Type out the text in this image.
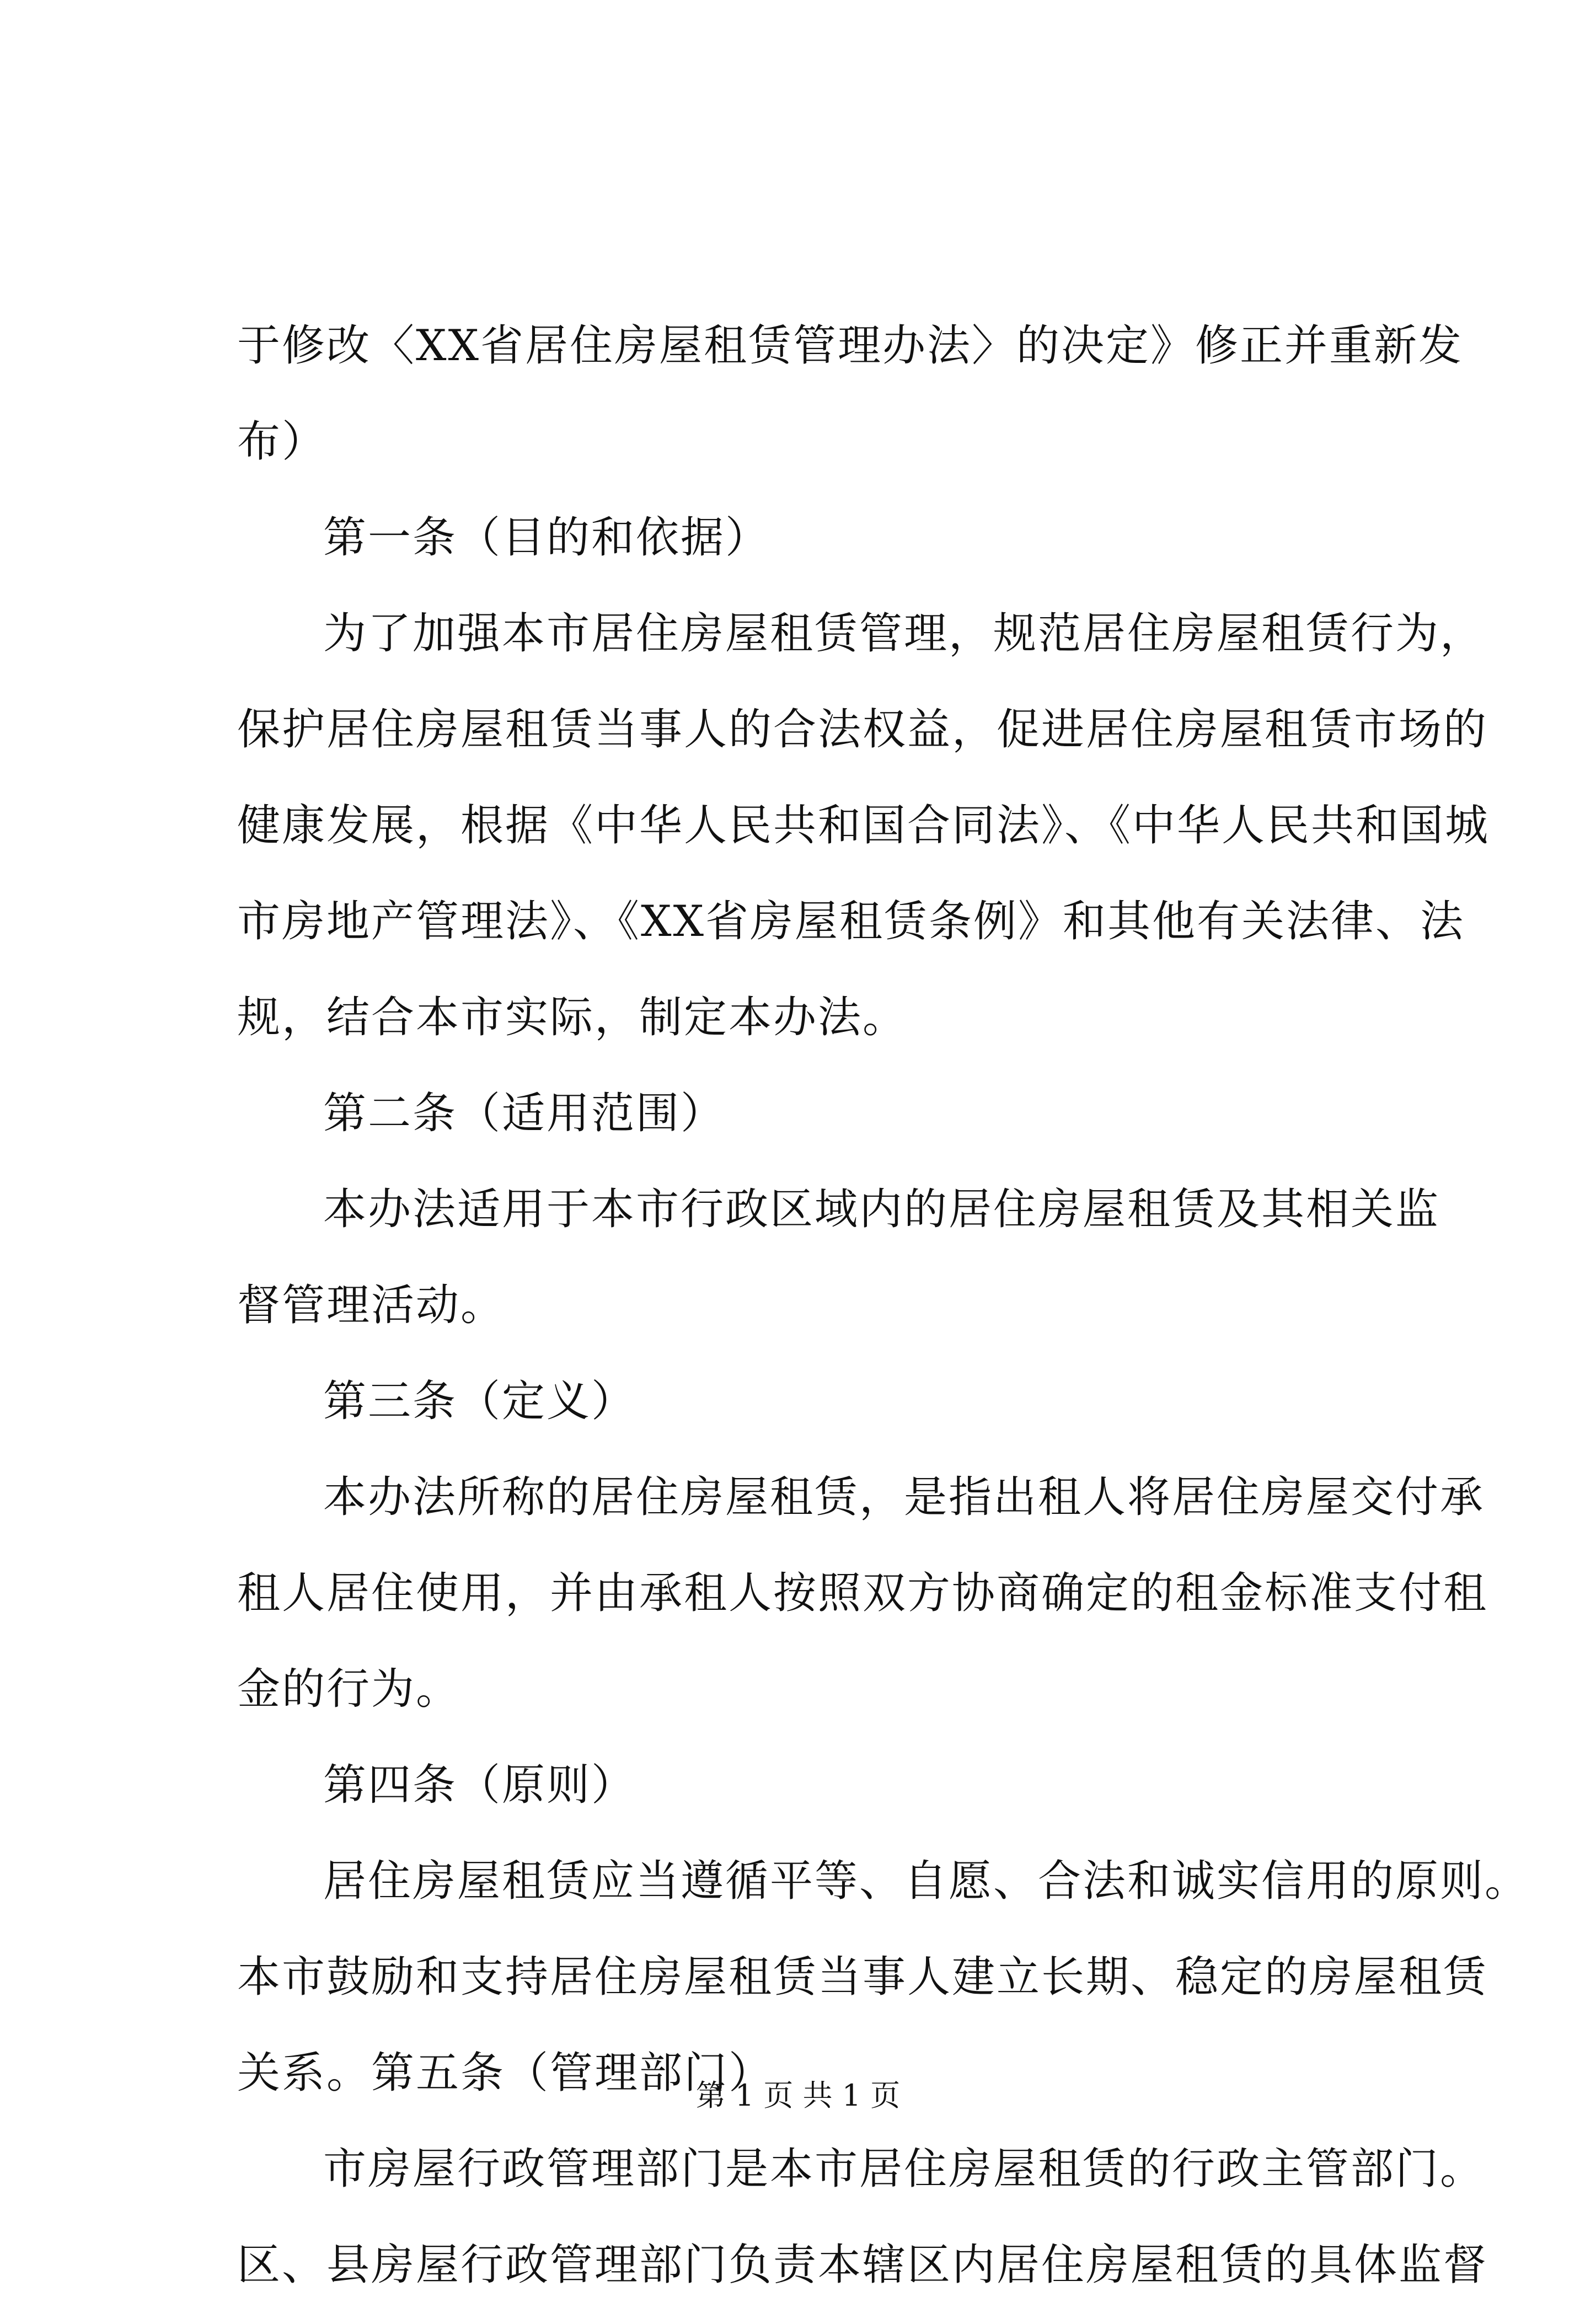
于修改〈XX省居住房屋租赁管理办法〉的决定》修正并重新发
布）
第一条（目的和依据）
为了加强本市居住房屋租赁管理，规范居住房屋租赁行为，
保护居住房屋租赁当事人的合法权益，促进居住房屋租赁市场的
健康发展，根据《中华人民共和国合同法》、《中华人民共和国城
市房地产管理法》、《XX省房屋租赁条例》和其他有关法律、法
规，结合本市实际，制定本办法。
第二条（适用范围）
本办法适用于本市行政区域内的居住房屋租赁及其相关监
督管理活动。
第三条（定义）
本办法所称的居住房屋租赁，是指出租人将居住房屋交付承
租人居住使用，并由承租人按照双方协商确定的租金标准支付租
金的行为。
第四条（原则）
居住房屋租赁应当遵循平等、自愿、合法和诚实信用的原则。
本市鼓励和支持居住房屋租赁当事人建立长期、稳定的房屋租赁
关系。第五条（管理部门）
市房屋行政管理部门是本市居住房屋租赁的行政主管部门。
区、县房屋行政管理部门负责本辖区内居住房屋租赁的具体监督
第 1 页 共 1 页
